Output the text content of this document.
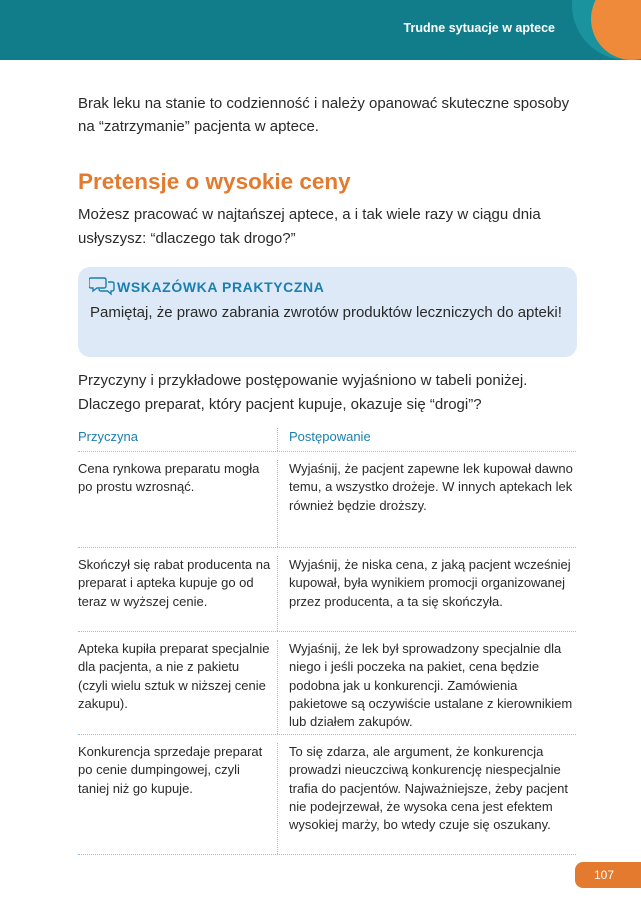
Trudne sytuacje w aptece

Brak leku na stanie to codzienność i należy opanować skuteczne sposoby na “zatrzymanie” pacjenta w aptece.

Pretensje o wysokie ceny

Możesz pracować w najtańszej aptece, a i tak wiele razy w ciągu dnia usłyszysz: “dlaczego tak drogo?”

WSKAZÓWKA PRAKTYCZNA

Pamiętaj, że prawo zabrania zwrotów produktów leczniczych do apteki!

Przyczyny i przykładowe postępowanie wyjaśniono w tabeli poniżej. Dlaczego preparat, który pacjent kupuje, okazuje się “drogi”?

Przyczyna	Postępowanie
Cena rynkowa preparatu mogła po prostu wzrosnąć.
Wyjaśnij, że pacjent zapewne lek kupował dawno temu, a wszystko drożeje. W innych aptekach lek również będzie droższy.
Skończył się rabat producenta na preparat i apteka kupuje go od teraz w wyższej cenie.
Wyjaśnij, że niska cena, z jaką pacjent wcześniej kupował, była wynikiem promocji organizowanej przez producenta, a ta się skończyła.
Apteka kupiła preparat specjalnie dla pacjenta, a nie z pakietu (czyli wielu sztuk w niższej cenie zakupu).
Wyjaśnij, że lek był sprowadzony specjalnie dla niego i jeśli poczeka na pakiet, cena będzie podobna jak u konkurencji. Zamówienia pakietowe są oczywiście ustalane z kierownikiem lub działem zakupów.
Konkurencja sprzedaje preparat po cenie dumpingowej, czyli taniej niż go kupuje.
To się zdarza, ale argument, że konkurencja prowadzi nieuczciwą konkurencję niespecjalnie trafia do pacjentów. Najważniejsze, żeby pacjent nie podejrzewał, że wysoka cena jest efektem wysokiej marży, bo wtedy czuje się oszukany.
107
